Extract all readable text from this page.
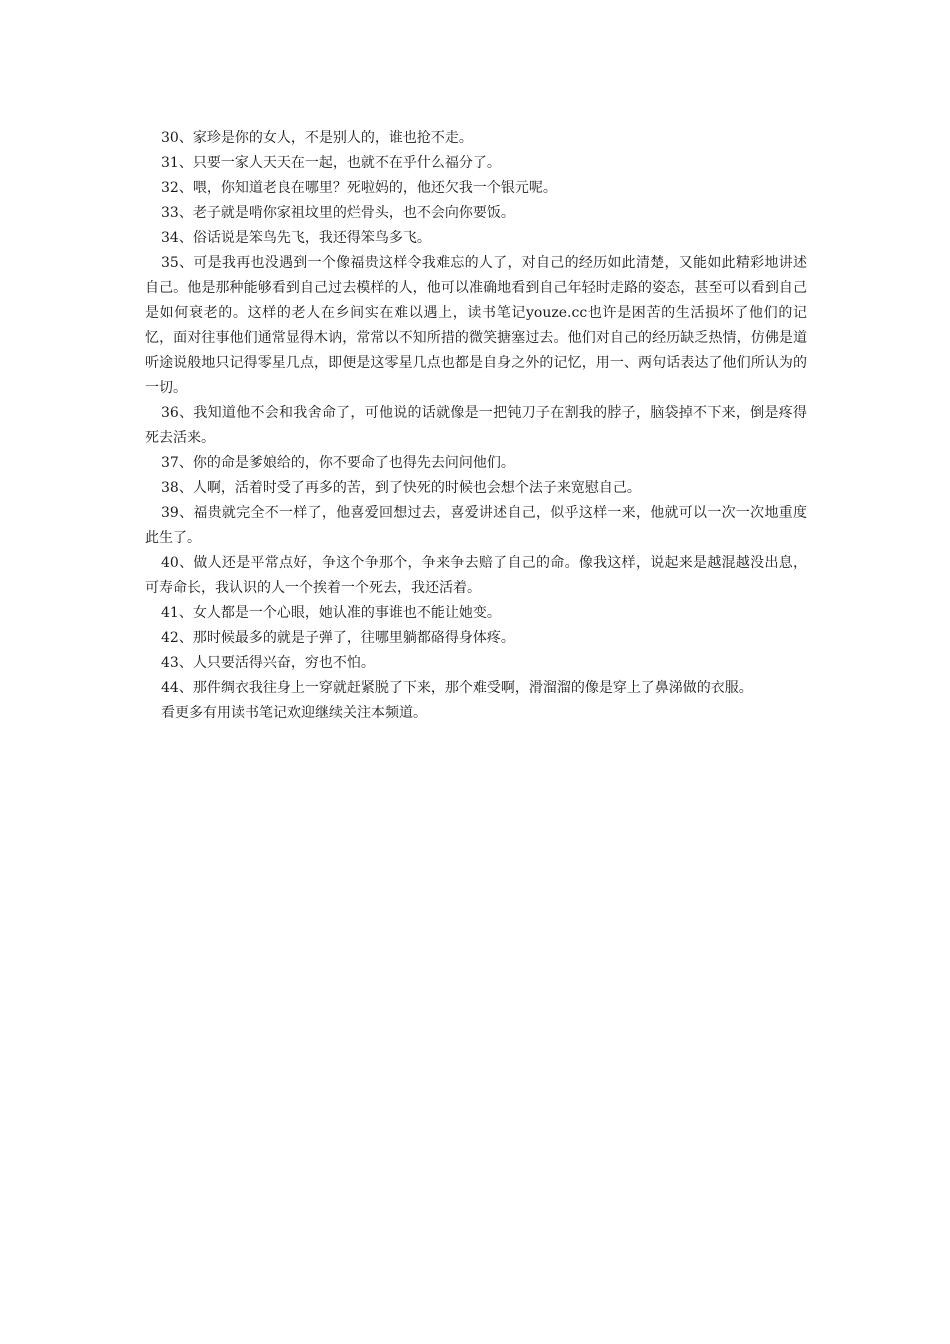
30、家珍是你的女人，不是别人的，谁也抢不走。

31、只要一家人天天在一起，也就不在乎什么福分了。

32、喂，你知道老良在哪里？死啦妈的，他还欠我一个银元呢。

33、老子就是啃你家祖坟里的烂骨头，也不会向你要饭。

34、俗话说是笨鸟先飞，我还得笨鸟多飞。

35、可是我再也没遇到一个像福贵这样令我难忘的人了，对自己的经历如此清楚，又能如此精彩地讲述自己。他是那种能够看到自己过去模样的人，他可以准确地看到自己年轻时走路的姿态，甚至可以看到自己是如何衰老的。这样的老人在乡间实在难以遇上，读书笔记youze.cc也许是困苦的生活损坏了他们的记忆，面对往事他们通常显得木讷，常常以不知所措的微笑搪塞过去。他们对自己的经历缺乏热情，仿佛是道听途说般地只记得零星几点，即便是这零星几点也都是自身之外的记忆，用一、两句话表达了他们所认为的一切。

36、我知道他不会和我舍命了，可他说的话就像是一把钝刀子在割我的脖子，脑袋掉不下来，倒是疼得死去活来。

37、你的命是爹娘给的，你不要命了也得先去问问他们。

38、人啊，活着时受了再多的苦，到了快死的时候也会想个法子来宽慰自己。

39、福贵就完全不一样了，他喜爱回想过去，喜爱讲述自己，似乎这样一来，他就可以一次一次地重度此生了。

40、做人还是平常点好，争这个争那个，争来争去赔了自己的命。像我这样，说起来是越混越没出息，可寿命长，我认识的人一个挨着一个死去，我还活着。

41、女人都是一个心眼，她认准的事谁也不能让她变。

42、那时候最多的就是子弹了，往哪里躺都硌得身体疼。

43、人只要活得兴奋，穷也不怕。

44、那件绸衣我往身上一穿就赶紧脱了下来，那个难受啊，滑溜溜的像是穿上了鼻涕做的衣服。

看更多有用读书笔记欢迎继续关注本频道。
